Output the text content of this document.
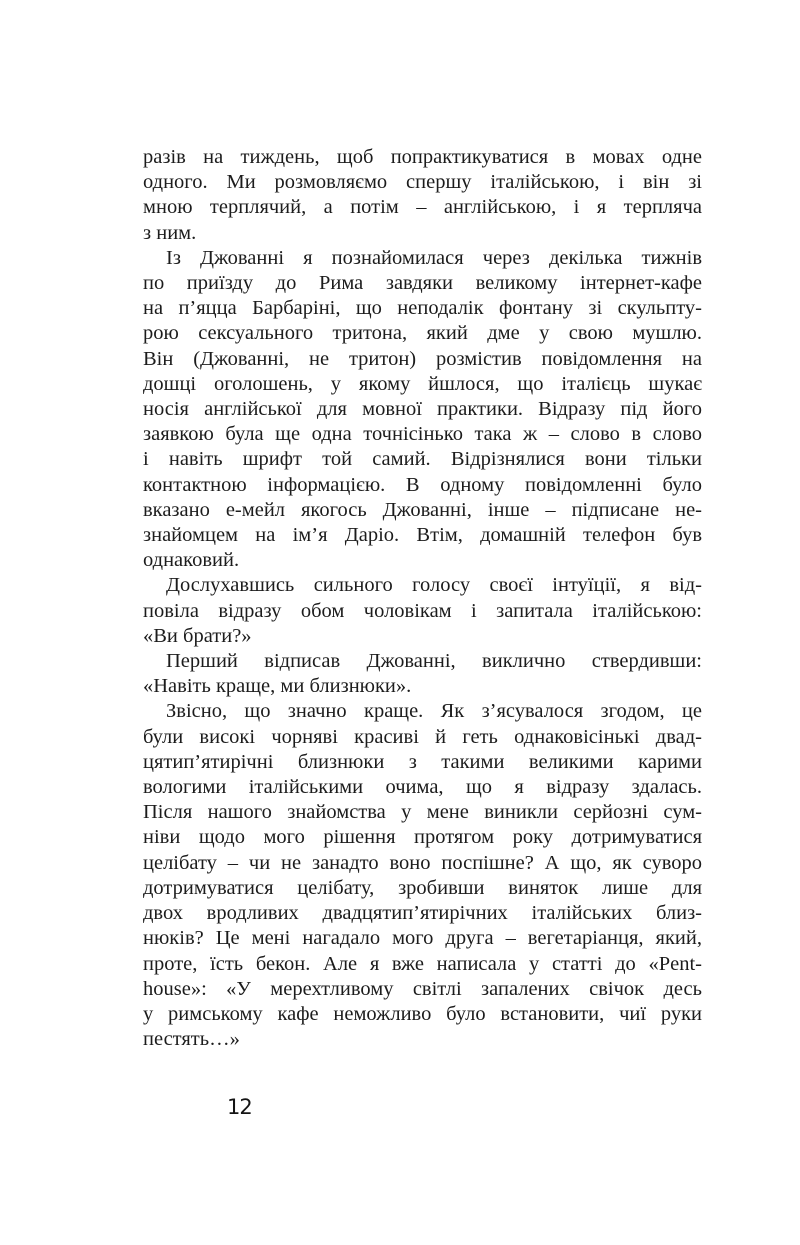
разів на тиждень, щоб попрактикуватися в мовах одне
одного. Ми розмовляємо спершу італійською, і він зі
мною терплячий, а потім – англійською, і я терпляча
з ним.
Із Джованні я познайомилася через декілька тижнів
по приїзду до Рима завдяки великому інтернет-кафе
на п’яцца Барбаріні, що неподалік фонтану зі скульпту-
рою сексуального тритона, який дме у свою мушлю.
Він (Джованні, не тритон) розмістив повідомлення на
дошці оголошень, у якому йшлося, що італієць шукає
носія англійської для мовної практики. Відразу під його
заявкою була ще одна точнісінько така ж – слово в слово
і навіть шрифт той самий. Відрізнялися вони тільки
контактною інформацією. В одному повідомленні було
вказано е-мейл якогось Джованні, інше – підписане не-
знайомцем на ім’я Даріо. Втім, домашній телефон був
однаковий.
Дослухавшись сильного голосу своєї інтуїції, я від-
повіла відразу обом чоловікам і запитала італійською:
«Ви брати?»
Перший відписав Джованні, виклично ствердивши:
«Навіть краще, ми близнюки».
Звісно, що значно краще. Як з’ясувалося згодом, це
були високі чорняві красиві й геть однаковісінькі двад-
цятип’ятирічні близнюки з такими великими карими
вологими італійськими очима, що я відразу здалась.
Після нашого знайомства у мене виникли серйозні сум-
ніви щодо мого рішення протягом року дотримуватися
целібату – чи не занадто воно поспішне? А що, як суворо
дотримуватися целібату, зробивши виняток лише для
двох вродливих двадцятип’ятирічних італійських близ-
нюків? Це мені нагадало мого друга – вегетаріанця, який,
проте, їсть бекон. Але я вже написала у статті до «Pent-
house»: «У мерехтливому світлі запалених свічок десь
у римському кафе неможливо було встановити, чиї руки
пестять…»
12
